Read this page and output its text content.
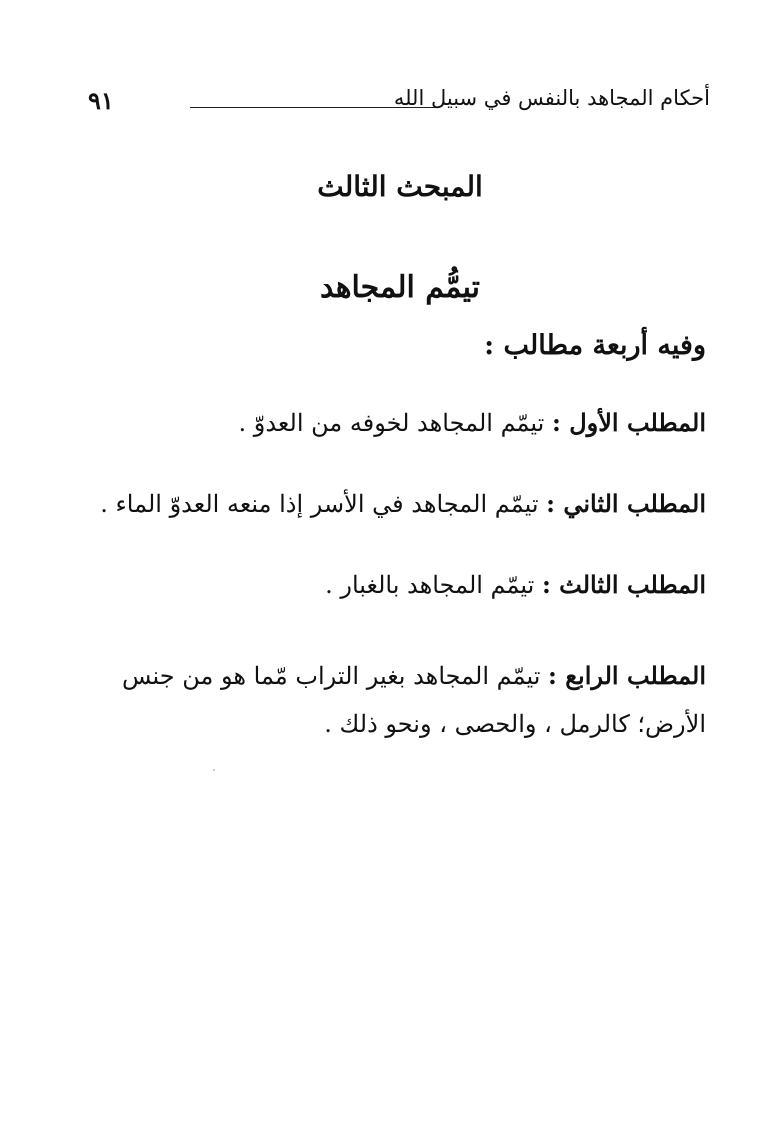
٩١	أحكام المجاهد بالنفس في سبيل الله
المبحث الثالث
تيمُّم المجاهد
وفيه أربعة مطالب :
المطلب الأول : تيمّم المجاهد لخوفه من العدوّ .
المطلب الثاني : تيمّم المجاهد في الأسر إذا منعه العدوّ الماء .
المطلب الثالث : تيمّم المجاهد بالغبار .
المطلب الرابع : تيمّم المجاهد بغير التراب مّما هو من جنس الأرض؛ كالرمل ، والحصى ، ونحو ذلك .
